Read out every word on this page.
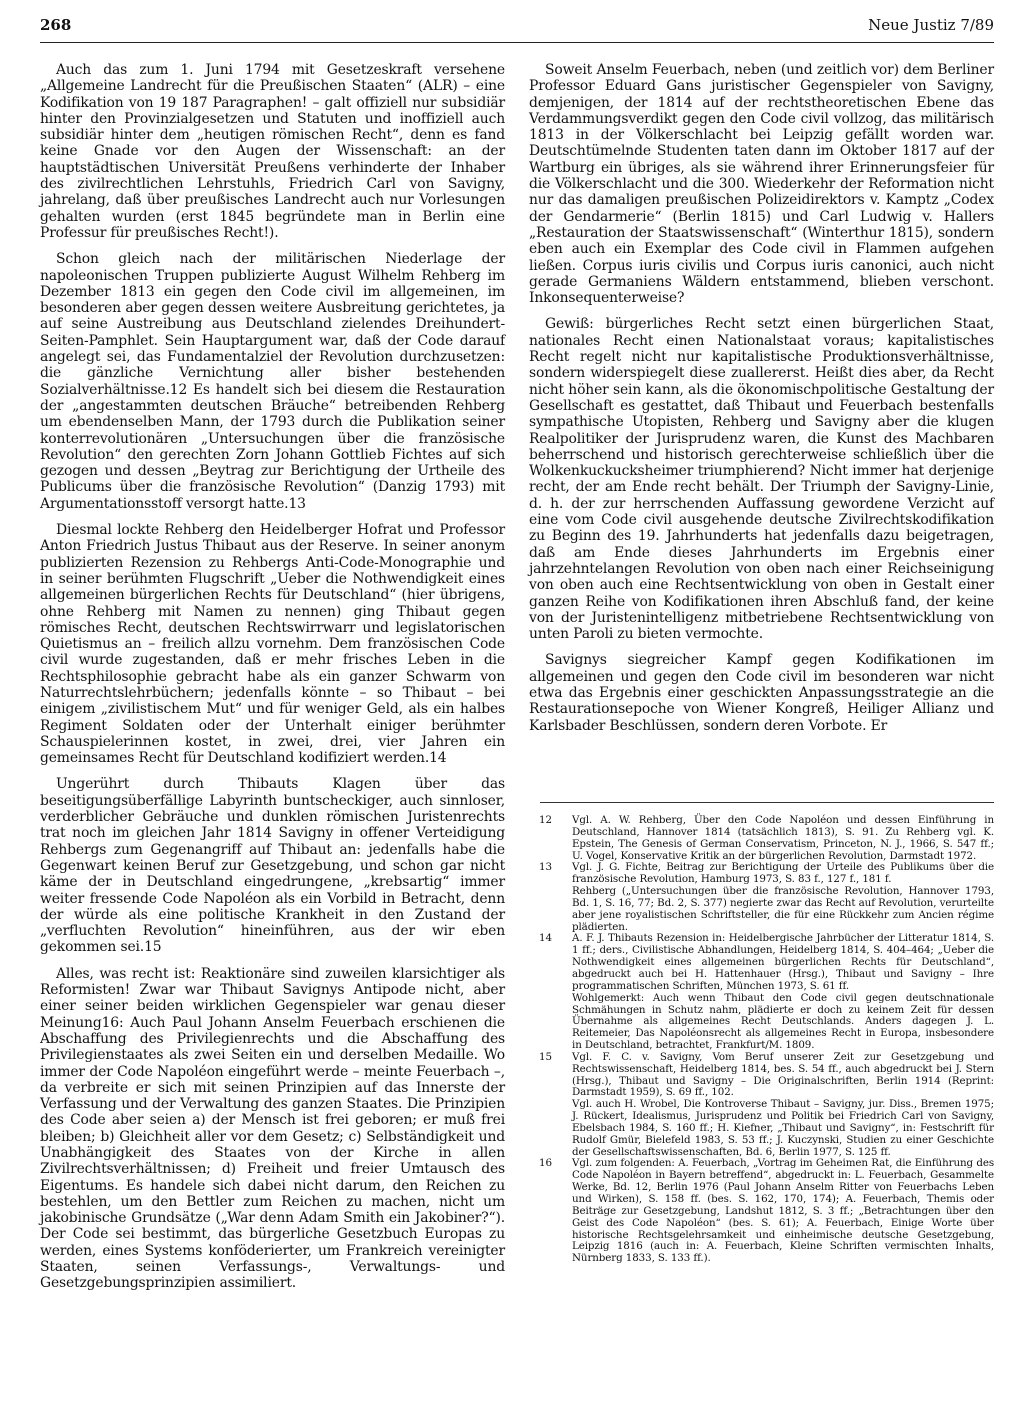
268	Neue Justiz 7/89

Auch das zum 1. Juni 1794 mit Gesetzeskraft versehene „Allgemeine Landrecht für die Preußischen Staaten“ (ALR) – eine Kodifikation von 19 187 Paragraphen! – galt offiziell nur subsidiär hinter den Provinzialgesetzen und Statuten und inoffiziell auch subsidiär hinter dem „heutigen römischen Recht“, denn es fand keine Gnade vor den Augen der Wissenschaft: an der hauptstädtischen Universität Preußens verhinderte der Inhaber des zivilrechtlichen Lehrstuhls, Friedrich Carl von Savigny, jahrelang, daß über preußisches Landrecht auch nur Vorlesungen gehalten wurden (erst 1845 begründete man in Berlin eine Professur für preußisches Recht!).

Schon gleich nach der militärischen Niederlage der napoleonischen Truppen publizierte August Wilhelm Rehberg im Dezember 1813 ein gegen den Code civil im allgemeinen, im besonderen aber gegen dessen weitere Ausbreitung gerichtetes, ja auf seine Austreibung aus Deutschland zielendes Dreihundert-Seiten-Pamphlet. Sein Hauptargument war, daß der Code darauf angelegt sei, das Fundamentalziel der Revolution durchzusetzen: die gänzliche Vernichtung aller bisher bestehenden Sozialverhältnisse.12 Es handelt sich bei diesem die Restauration der „angestammten deutschen Bräuche“ betreibenden Rehberg um ebendenselben Mann, der 1793 durch die Publikation seiner konterrevolutionären „Untersuchungen über die französische Revolution“ den gerechten Zorn Johann Gottlieb Fichtes auf sich gezogen und dessen „Beytrag zur Berichtigung der Urtheile des Publicums über die französische Revolution“ (Danzig 1793) mit Argumentationsstoff versorgt hatte.13

Diesmal lockte Rehberg den Heidelberger Hofrat und Professor Anton Friedrich Justus Thibaut aus der Reserve. In seiner anonym publizierten Rezension zu Rehbergs Anti-Code-Monographie und in seiner berühmten Flugschrift „Ueber die Nothwendigkeit eines allgemeinen bürgerlichen Rechts für Deutschland“ (hier übrigens, ohne Rehberg mit Namen zu nennen) ging Thibaut gegen römisches Recht, deutschen Rechtswirrwarr und legislatorischen Quietismus an – freilich allzu vornehm. Dem französischen Code civil wurde zugestanden, daß er mehr frisches Leben in die Rechtsphilosophie gebracht habe als ein ganzer Schwarm von Naturrechtslehrbüchern; jedenfalls könnte – so Thibaut – bei einigem „zivilistischem Mut“ und für weniger Geld, als ein halbes Regiment Soldaten oder der Unterhalt einiger berühmter Schauspielerinnen kostet, in zwei, drei, vier Jahren ein gemeinsames Recht für Deutschland kodifiziert werden.14

Ungerührt durch Thibauts Klagen über das beseitigungsüberfällige Labyrinth buntscheckiger, auch sinnloser, verderblicher Gebräuche und dunklen römischen Juristenrechts trat noch im gleichen Jahr 1814 Savigny in offener Verteidigung Rehbergs zum Gegenangriff auf Thibaut an: jedenfalls habe die Gegenwart keinen Beruf zur Gesetzgebung, und schon gar nicht käme der in Deutschland eingedrungene, „krebsartig“ immer weiter fressende Code Napoléon als ein Vorbild in Betracht, denn der würde als eine politische Krankheit in den Zustand der „verfluchten Revolution“ hineinführen, aus der wir eben gekommen sei.15

Alles, was recht ist: Reaktionäre sind zuweilen klarsichtiger als Reformisten! Zwar war Thibaut Savignys Antipode nicht, aber einer seiner beiden wirklichen Gegenspieler war genau dieser Meinung16: Auch Paul Johann Anselm Feuerbach erschienen die Abschaffung des Privilegienrechts und die Abschaffung des Privilegienstaates als zwei Seiten ein und derselben Medaille. Wo immer der Code Napoléon eingeführt werde – meinte Feuerbach –, da verbreite er sich mit seinen Prinzipien auf das Innerste der Verfassung und der Verwaltung des ganzen Staates. Die Prinzipien des Code aber seien a) der Mensch ist frei geboren; er muß frei bleiben; b) Gleichheit aller vor dem Gesetz; c) Selbständigkeit und Unabhängigkeit des Staates von der Kirche in allen Zivilrechtsverhältnissen; d) Freiheit und freier Umtausch des Eigentums. Es handele sich dabei nicht darum, den Reichen zu bestehlen, um den Bettler zum Reichen zu machen, nicht um jakobinische Grundsätze („War denn Adam Smith ein Jakobiner?“). Der Code sei bestimmt, das bürgerliche Gesetzbuch Europas zu werden, eines Systems konföderierter, um Frankreich vereinigter Staaten, seinen Verfassungs-, Verwaltungs- und Gesetzgebungsprinzipien assimiliert.

Soweit Anselm Feuerbach, neben (und zeitlich vor) dem Berliner Professor Eduard Gans juristischer Gegenspieler von Savigny, demjenigen, der 1814 auf der rechtstheoretischen Ebene das Verdammungsverdikt gegen den Code civil vollzog, das militärisch 1813 in der Völkerschlacht bei Leipzig gefällt worden war. Deutschtümelnde Studenten taten dann im Oktober 1817 auf der Wartburg ein übriges, als sie während ihrer Erinnerungsfeier für die Völkerschlacht und die 300. Wiederkehr der Reformation nicht nur das damaligen preußischen Polizeidirektors v. Kamptz „Codex der Gendarmerie“ (Berlin 1815) und Carl Ludwig v. Hallers „Restauration der Staatswissenschaft“ (Winterthur 1815), sondern eben auch ein Exemplar des Code civil in Flammen aufgehen ließen. Corpus iuris civilis und Corpus iuris canonici, auch nicht gerade Germaniens Wäldern entstammend, blieben verschont. Inkonsequenterweise?

Gewiß: bürgerliches Recht setzt einen bürgerlichen Staat, nationales Recht einen Nationalstaat voraus; kapitalistisches Recht regelt nicht nur kapitalistische Produktionsverhältnisse, sondern widerspiegelt diese zuallererst. Heißt dies aber, da Recht nicht höher sein kann, als die ökonomischpolitische Gestaltung der Gesellschaft es gestattet, daß Thibaut und Feuerbach bestenfalls sympathische Utopisten, Rehberg und Savigny aber die klugen Realpolitiker der Jurisprudenz waren, die Kunst des Machbaren beherrschend und historisch gerechterweise schließlich über die Wolkenkuckucksheimer triumphierend? Nicht immer hat derjenige recht, der am Ende recht behält. Der Triumph der Savigny-Linie, d. h. der zur herrschenden Auffassung gewordene Verzicht auf eine vom Code civil ausgehende deutsche Zivilrechtskodifikation zu Beginn des 19. Jahrhunderts hat jedenfalls dazu beigetragen, daß am Ende dieses Jahrhunderts im Ergebnis einer jahrzehntelangen Revolution von oben nach einer Reichseinigung von oben auch eine Rechtsentwicklung von oben in Gestalt einer ganzen Reihe von Kodifikationen ihren Abschluß fand, der keine von der Juristenintelligenz mitbetriebene Rechtsentwicklung von unten Paroli zu bieten vermochte.

Savignys siegreicher Kampf gegen Kodifikationen im allgemeinen und gegen den Code civil im besonderen war nicht etwa das Ergebnis einer geschickten Anpassungsstrategie an die Restaurationsepoche von Wiener Kongreß, Heiliger Allianz und Karlsbader Beschlüssen, sondern deren Vorbote. Er

12	Vgl. A. W. Rehberg, Über den Code Napoléon und dessen Einführung in Deutschland, Hannover 1814 (tatsächlich 1813), S. 91. Zu Rehberg vgl. K. Epstein, The Genesis of German Conservatism, Princeton, N. J., 1966, S. 547 ff.; U. Vogel, Konservative Kritik an der bürgerlichen Revolution, Darmstadt 1972.

13	Vgl. J. G. Fichte, Beitrag zur Berichtigung der Urteile des Publikums über die französische Revolution, Hamburg 1973, S. 83 f., 127 f., 181 f.

Rehberg („Untersuchungen über die französische Revolution, Hannover 1793, Bd. 1, S. 16, 77; Bd. 2, S. 377) negierte zwar das Recht auf Revolution, verurteilte aber jene royalistischen Schriftsteller, die für eine Rückkehr zum Ancien régime plädierten.

14	A. F. J. Thibauts Rezension in: Heidelbergische Jahrbücher der Litteratur 1814, S. 1 ff.; ders., Civilistische Abhandlungen, Heidelberg 1814, S. 404–464; „Ueber die Nothwendigkeit eines allgemeinen bürgerlichen Rechts für Deutschland“, abgedruckt auch bei H. Hattenhauer (Hrsg.), Thibaut und Savigny – Ihre programmatischen Schriften, München 1973, S. 61 ff.

Wohlgemerkt: Auch wenn Thibaut den Code civil gegen deutschnationale Schmähungen in Schutz nahm, plädierte er doch zu keinem Zeit für dessen Übernahme als allgemeines Recht Deutschlands. Anders dagegen J. L. Reitemeier, Das Napoléonsrecht als allgemeines Recht in Europa, insbesondere in Deutschland, betrachtet, Frankfurt/M. 1809.

15	Vgl. F. C. v. Savigny, Vom Beruf unserer Zeit zur Gesetzgebung und Rechtswissenschaft, Heidelberg 1814, bes. S. 54 ff., auch abgedruckt bei J. Stern (Hrsg.), Thibaut und Savigny – Die Originalschriften, Berlin 1914 (Reprint: Darmstadt 1959), S. 69 ff., 102.

Vgl. auch H. Wrobel, Die Kontroverse Thibaut – Savigny, jur. Diss., Bremen 1975; J. Rückert, Idealismus, Jurisprudenz und Politik bei Friedrich Carl von Savigny, Ebelsbach 1984, S. 160 ff.; H. Kiefner, „Thibaut und Savigny“, in: Festschrift für Rudolf Gmür, Bielefeld 1983, S. 53 ff.; J. Kuczynski, Studien zu einer Geschichte der Gesellschaftswissenschaften, Bd. 6, Berlin 1977, S. 125 ff.

16	Vgl. zum folgenden: A. Feuerbach, „Vortrag im Geheimen Rat, die Einführung des Code Napoléon in Bayern betreffend“, abgedruckt in: L. Feuerbach, Gesammelte Werke, Bd. 12, Berlin 1976 (Paul Johann Anselm Ritter von Feuerbachs Leben und Wirken), S. 158 ff. (bes. S. 162, 170, 174); A. Feuerbach, Themis oder Beiträge zur Gesetzgebung, Landshut 1812, S. 3 ff.; „Betrachtungen über den Geist des Code Napoléon“ (bes. S. 61); A. Feuerbach, Einige Worte über historische Rechtsgelehrsamkeit und einheimische deutsche Gesetzgebung, Leipzig 1816 (auch in: A. Feuerbach, Kleine Schriften vermischten Inhalts, Nürnberg 1833, S. 133 ff.).
